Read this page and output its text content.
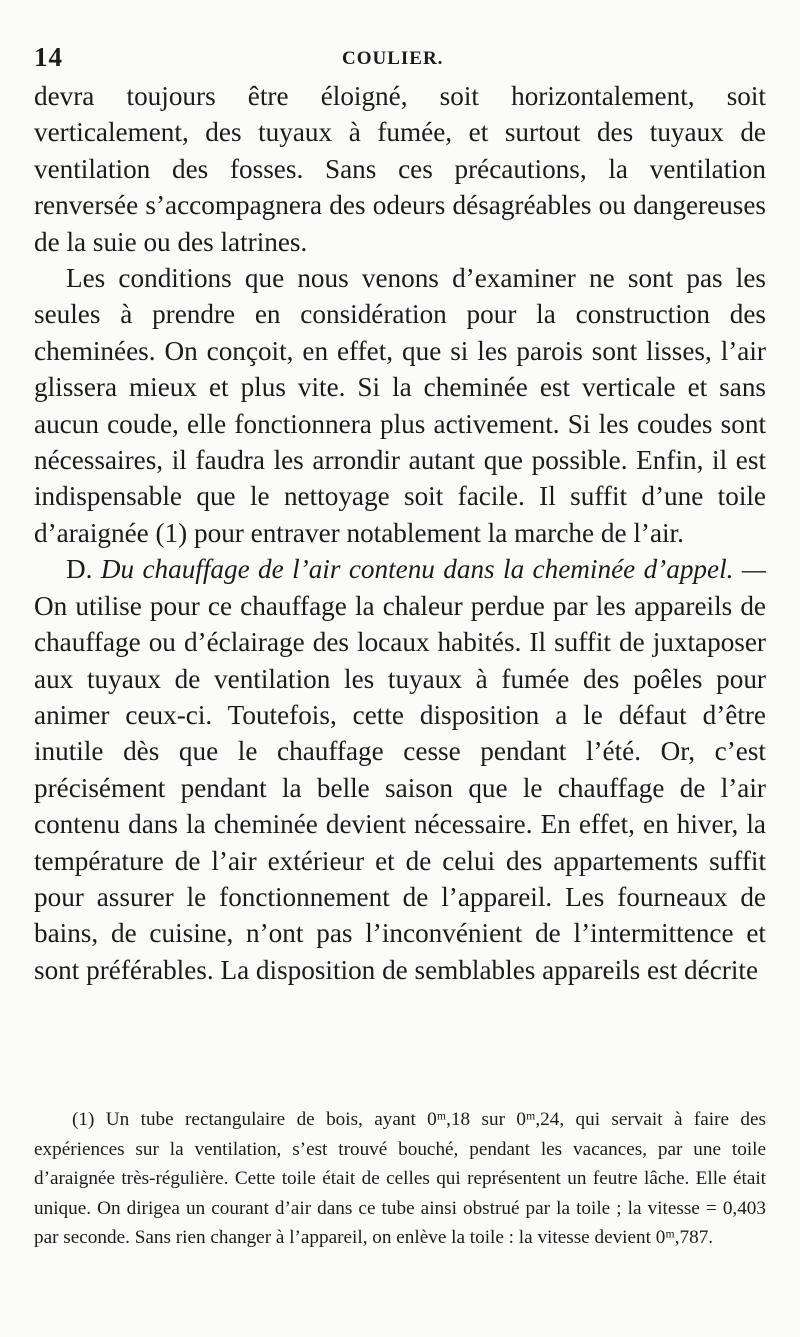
14	COULIER.

devra toujours être éloigné, soit horizontalement, soit verticalement, des tuyaux à fumée, et surtout des tuyaux de ventilation des fosses. Sans ces précautions, la ventilation renversée s’accompagnera des odeurs désagréables ou dangereuses de la suie ou des latrines.

Les conditions que nous venons d’examiner ne sont pas les seules à prendre en considération pour la construction des cheminées. On conçoit, en effet, que si les parois sont lisses, l’air glissera mieux et plus vite. Si la cheminée est verticale et sans aucun coude, elle fonctionnera plus activement. Si les coudes sont nécessaires, il faudra les arrondir autant que possible. Enfin, il est indispensable que le nettoyage soit facile. Il suffit d’une toile d’araignée (1) pour entraver notablement la marche de l’air.

D. Du chauffage de l’air contenu dans la cheminée d’appel. — On utilise pour ce chauffage la chaleur perdue par les appareils de chauffage ou d’éclairage des locaux habités. Il suffit de juxtaposer aux tuyaux de ventilation les tuyaux à fumée des poêles pour animer ceux-ci. Toutefois, cette disposition a le défaut d’être inutile dès que le chauffage cesse pendant l’été. Or, c’est précisément pendant la belle saison que le chauffage de l’air contenu dans la cheminée devient nécessaire. En effet, en hiver, la température de l’air extérieur et de celui des appartements suffit pour assurer le fonctionnement de l’appareil. Les fourneaux de bains, de cuisine, n’ont pas l’inconvénient de l’intermittence et sont préférables. La disposition de semblables appareils est décrite

(1) Un tube rectangulaire de bois, ayant 0ᵐ,18 sur 0ᵐ,24, qui servait à faire des expériences sur la ventilation, s’est trouvé bouché, pendant les vacances, par une toile d’araignée très-régulière. Cette toile était de celles qui représentent un feutre lâche. Elle était unique. On dirigea un courant d’air dans ce tube ainsi obstrué par la toile ; la vitesse = 0,403 par seconde. Sans rien changer à l’appareil, on enlève la toile : la vitesse devient 0ᵐ,787.
